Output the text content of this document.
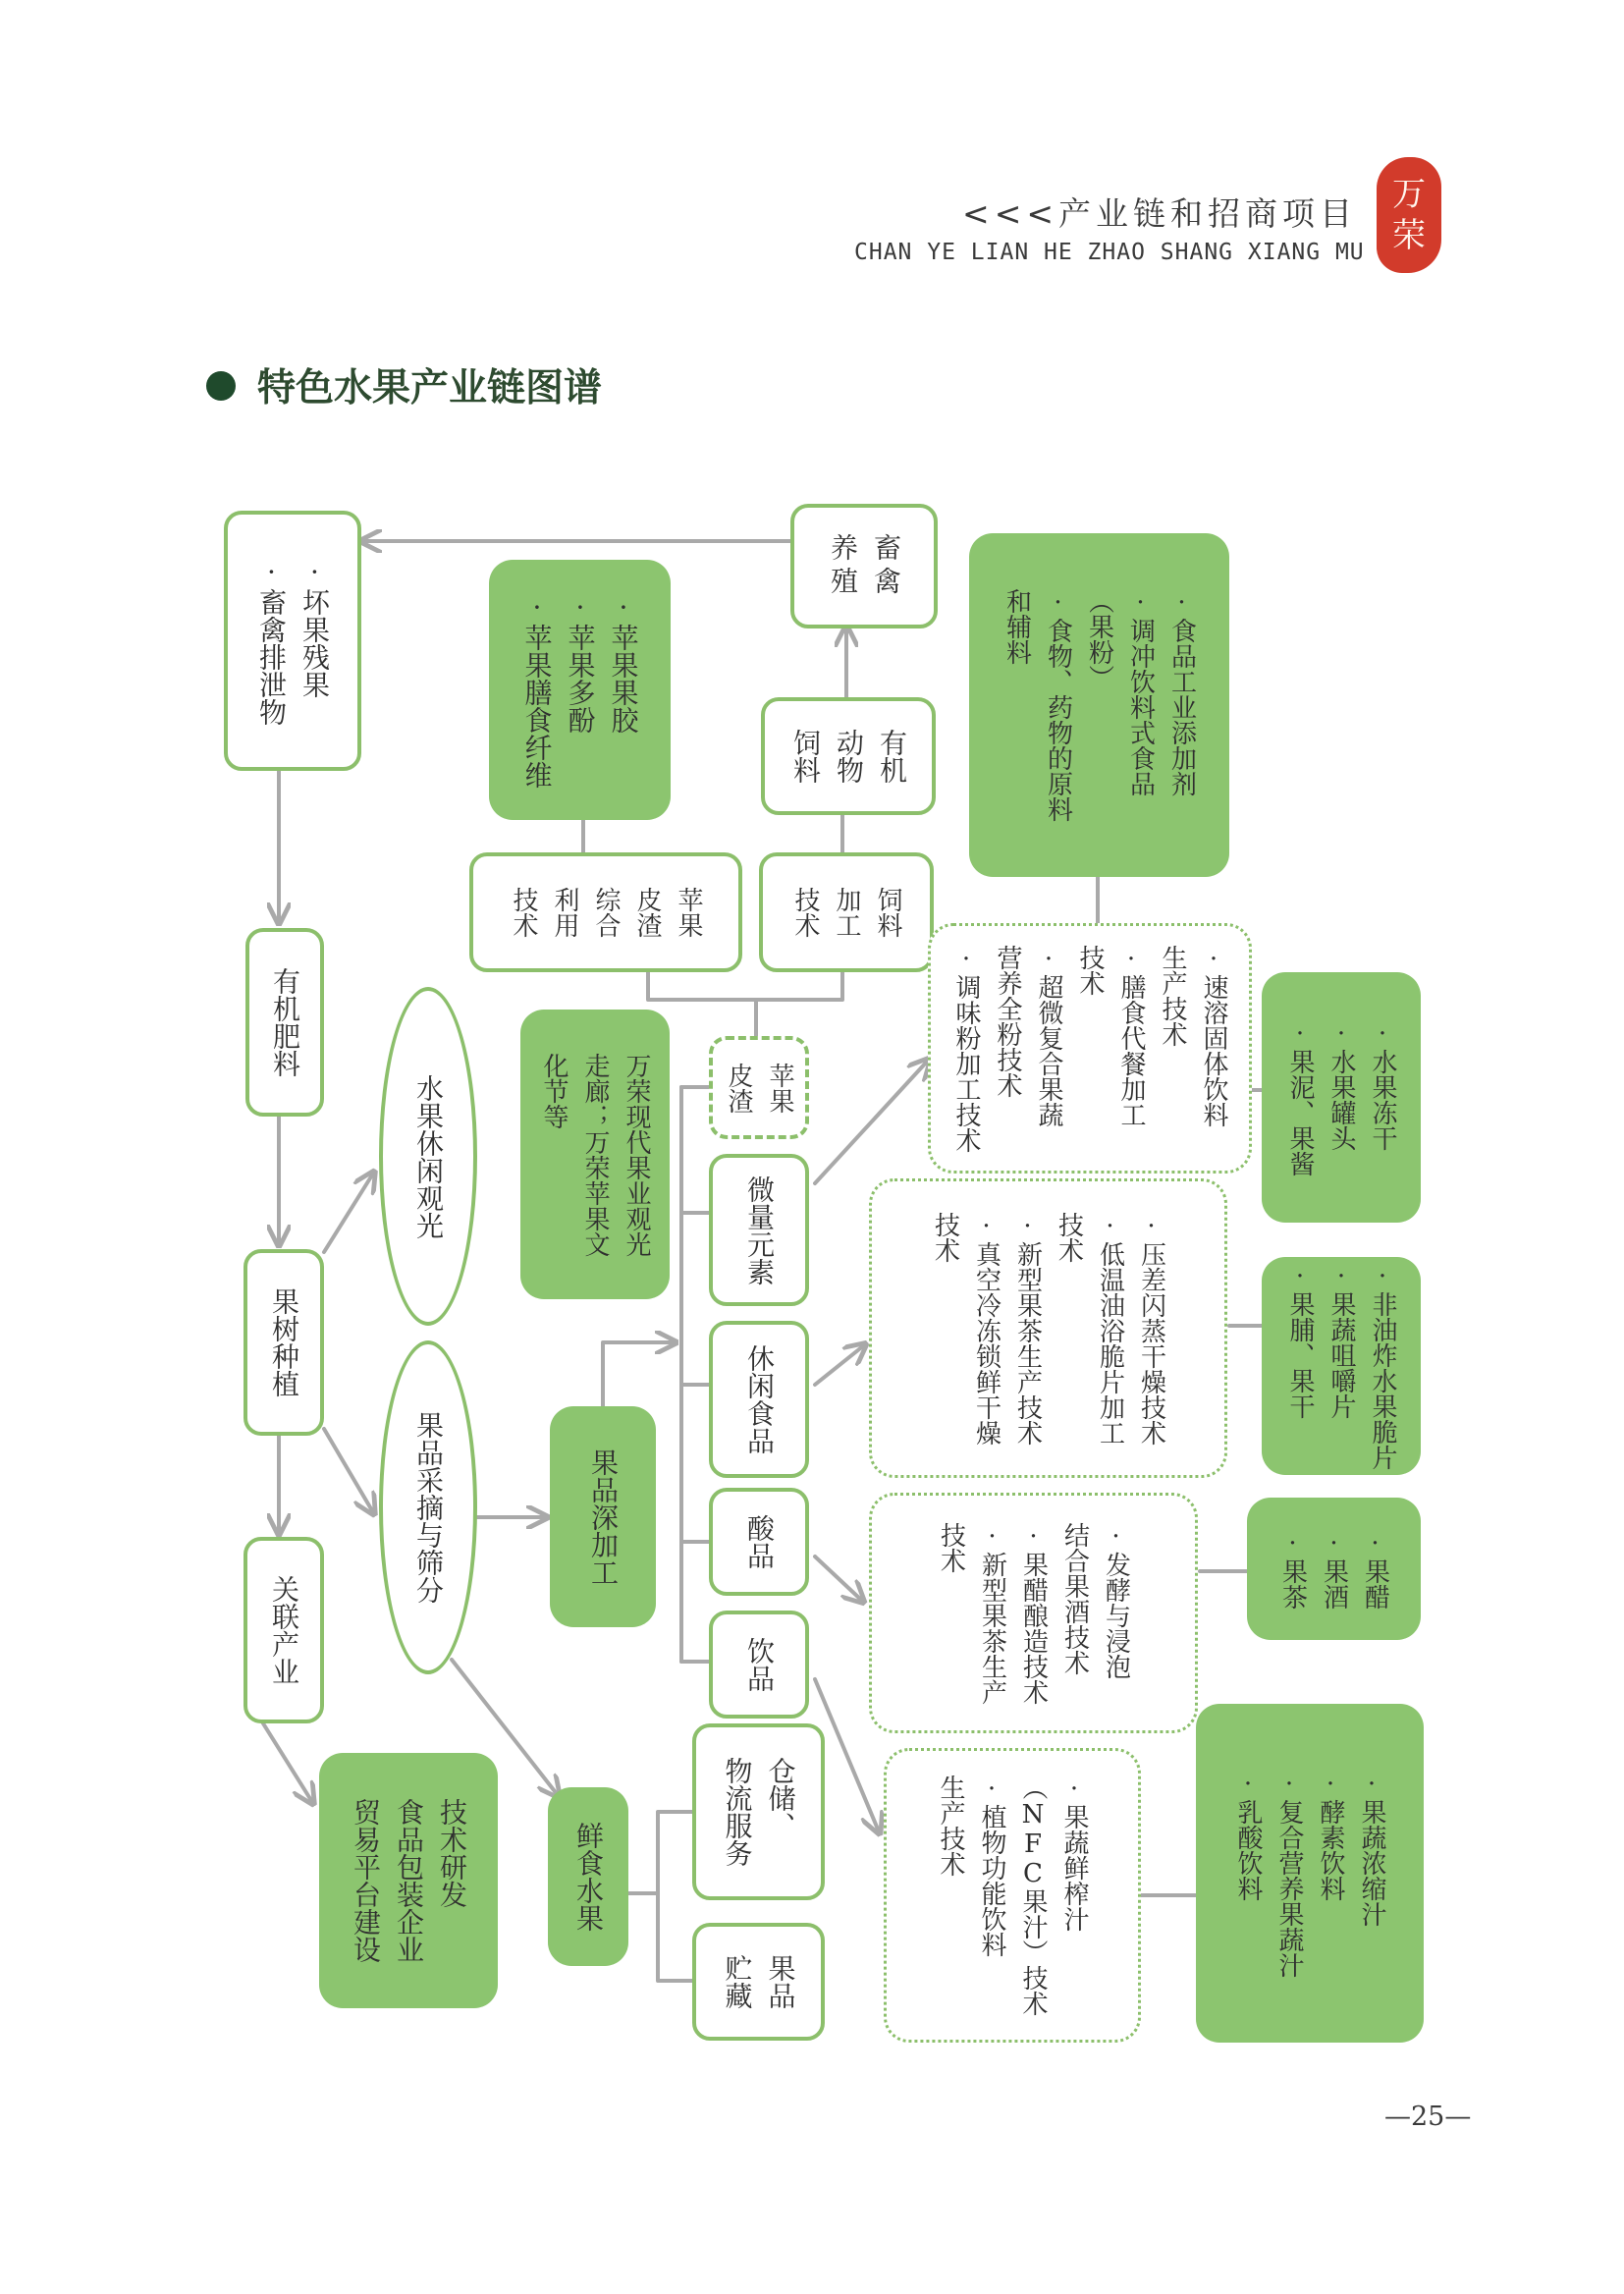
<<<产业链和招商项目
CHAN YE LIAN HE ZHAO SHANG XIANG MU
万
荣
特色水果产业链图谱
·坏果残果
·畜禽排泄物	·苹果果胶
·苹果多酚
·苹果膳食纤维
畜禽
养殖
有机
动物
饲料	·食品工业添加剂
·调冲饮料式食品
（果粉）
·食物、药物的原料
和辅料
苹果
皮渣
综合
利用
技术	饲料
加工
技术
有机肥料
水果休闲观光	万荣现代果业观光
走廊；万荣苹果文
化节等	苹果
皮渣	·速溶固体饮料
生产技术
·膳食代餐加工
技术
·超微复合果蔬
营养全粉技术
·调味粉加工技术	·水果冻干
·水果罐头
·果泥、果酱
微量元素
果树种植	·压差闪蒸干燥技术
·低温油浴脆片加工
技术
·新型果茶生产技术
·真空冷冻锁鲜干燥
技术
·非油炸水果脆片
·果蔬咀嚼片
·果脯、果干
休闲食品
果品采摘与筛分	果品深加工	酸品	·发酵与浸泡
结合果酒技术
·果醋酿造技术
·新型果茶生产
技术	·果醋
·果酒
·果茶
关联产业	饮品
技术研发
食品包装企业
贸易平台建设	鲜食水果
仓储、
物流服务
果品
贮藏
·果蔬鲜榨汁
（NFC果汁）技术
·植物功能饮料
生产技术	·果蔬浓缩汁
·酵素饮料
·复合营养果蔬汁
·乳酸饮料
—25—
